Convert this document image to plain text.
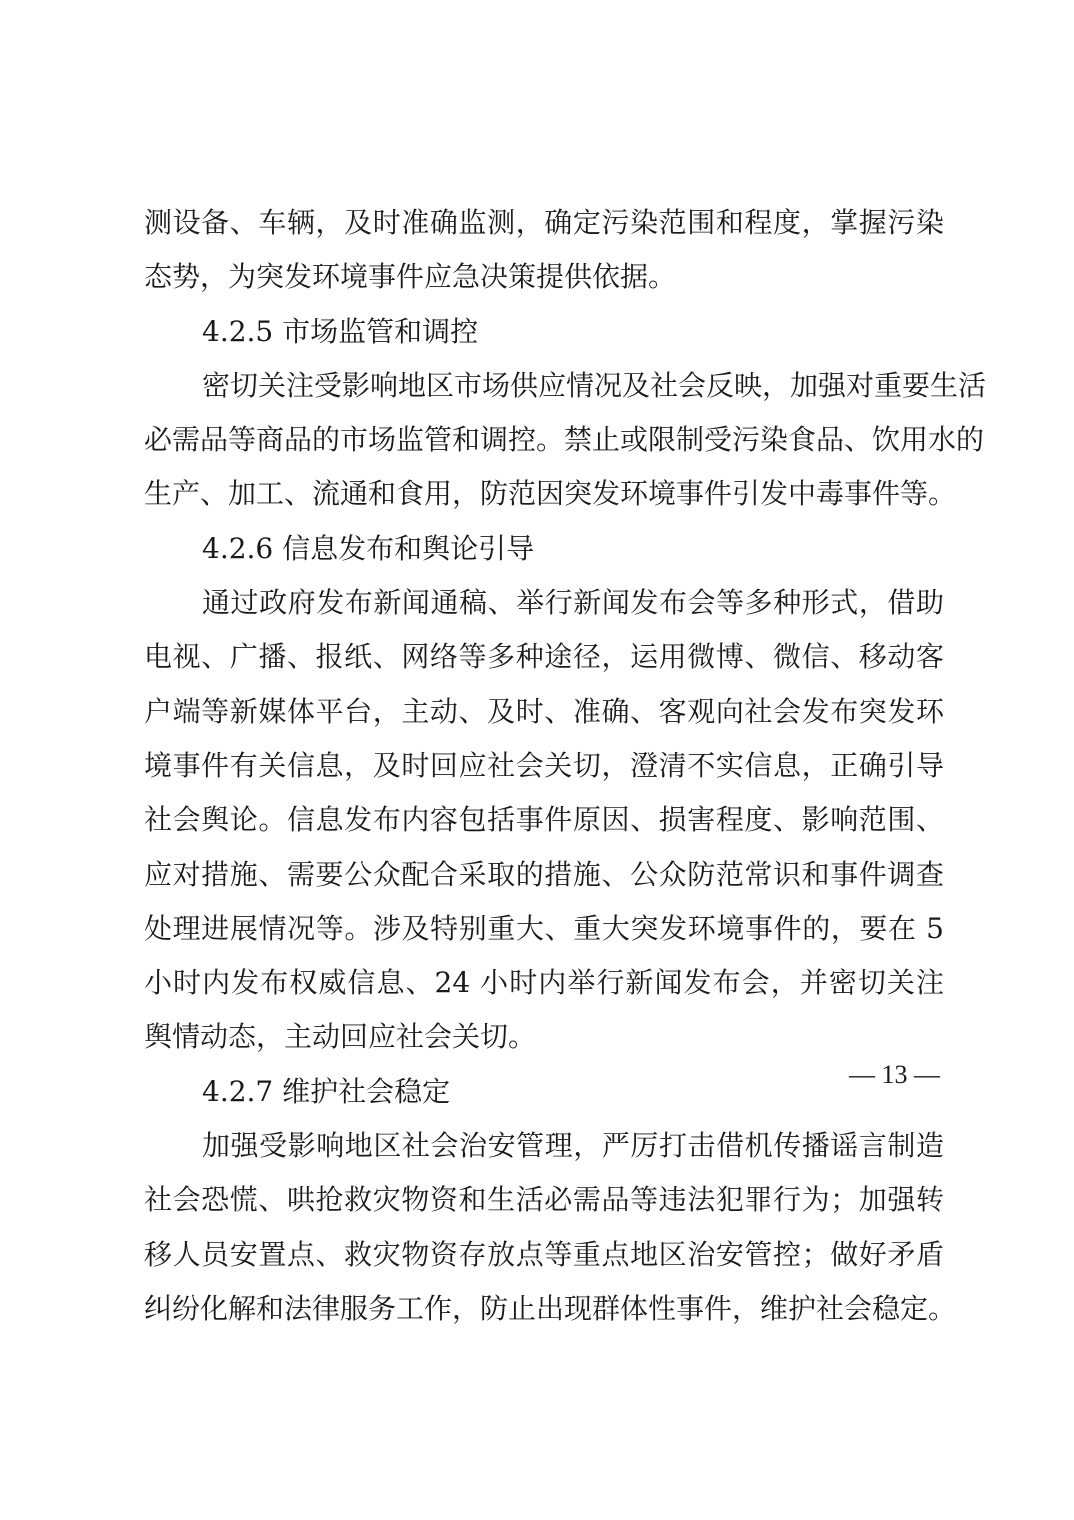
测设备、车辆，及时准确监测，确定污染范围和程度，掌握污染
态势，为突发环境事件应急决策提供依据。
4.2.5 市场监管和调控
密切关注受影响地区市场供应情况及社会反映，加强对重要生活
必需品等商品的市场监管和调控。禁止或限制受污染食品、饮用水的
生产、加工、流通和食用，防范因突发环境事件引发中毒事件等。
4.2.6 信息发布和舆论引导
通过政府发布新闻通稿、举行新闻发布会等多种形式，借助
电视、广播、报纸、网络等多种途径，运用微博、微信、移动客
户端等新媒体平台，主动、及时、准确、客观向社会发布突发环
境事件有关信息，及时回应社会关切，澄清不实信息，正确引导
社会舆论。信息发布内容包括事件原因、损害程度、影响范围、
应对措施、需要公众配合采取的措施、公众防范常识和事件调查
处理进展情况等。涉及特别重大、重大突发环境事件的，要在 5
小时内发布权威信息、24 小时内举行新闻发布会，并密切关注
舆情动态，主动回应社会关切。
4.2.7 维护社会稳定
加强受影响地区社会治安管理，严厉打击借机传播谣言制造
社会恐慌、哄抢救灾物资和生活必需品等违法犯罪行为；加强转
移人员安置点、救灾物资存放点等重点地区治安管控；做好矛盾
纠纷化解和法律服务工作，防止出现群体性事件，维护社会稳定。
— 13 —
